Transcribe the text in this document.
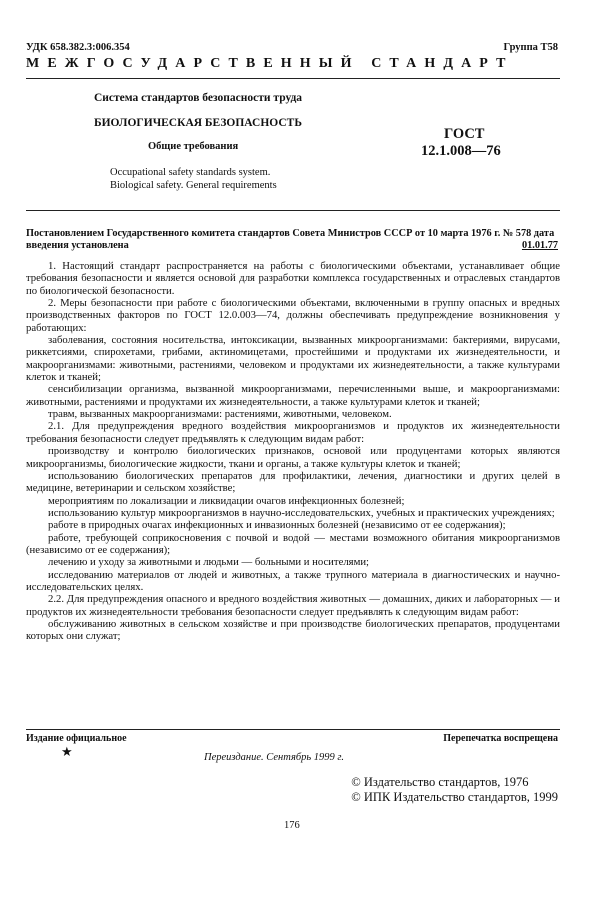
УДК 658.382.3:006.354	Группа Т58
МЕЖГОСУДАРСТВЕННЫЙ СТАНДАРТ
Система стандартов безопасности труда
БИОЛОГИЧЕСКАЯ БЕЗОПАСНОСТЬ
Общие требования
Occupational safety standards system.
Biological safety. General requirements
ГОСТ
12.1.008—76
Постановлением Государственного комитета стандартов Совета Министров СССР от 10 марта 1976 г. № 578 дата введения установлена	01.01.77

1. Настоящий стандарт распространяется на работы с биологическими объектами, устанавливает общие требования безопасности и является основой для разработки комплекса государственных и отраслевых стандартов по биологической безопасности.

2. Меры безопасности при работе с биологическими объектами, включенными в группу опасных и вредных производственных факторов по ГОСТ 12.0.003—74, должны обеспечивать предупреждение возникновения у работающих:

заболевания, состояния носительства, интоксикации, вызванных микроорганизмами: бактериями, вирусами, риккетсиями, спирохетами, грибами, актиномицетами, простейшими и продуктами их жизнедеятельности, и макроорганизмами: животными, растениями, человеком и продуктами их жизнедеятельности, а также культурами клеток и тканей;

сенсибилизации организма, вызванной микроорганизмами, перечисленными выше, и макроорганизмами: животными, растениями и продуктами их жизнедеятельности, а также культурами клеток и тканей;

травм, вызванных макроорганизмами: растениями, животными, человеком.

2.1. Для предупреждения вредного воздействия микроорганизмов и продуктов их жизнедеятельности требования безопасности следует предъявлять к следующим видам работ:

производству и контролю биологических признаков, основой или продуцентами которых являются микроорганизмы, биологические жидкости, ткани и органы, а также культуры клеток и тканей;

использованию биологических препаратов для профилактики, лечения, диагностики и других целей в медицине, ветеринарии и сельском хозяйстве;

мероприятиям по локализации и ликвидации очагов инфекционных болезней;

использованию культур микроорганизмов в научно-исследовательских, учебных и практических учреждениях;

работе в природных очагах инфекционных и инвазионных болезней (независимо от ее содержания);

работе, требующей соприкосновения с почвой и водой — местами возможного обитания микроорганизмов (независимо от ее содержания);

лечению и уходу за животными и людьми — больными и носителями;

исследованию материалов от людей и животных, а также трупного материала в диагностических и научно-исследовательских целях.

2.2. Для предупреждения опасного и вредного воздействия животных — домашних, диких и лабораторных — и продуктов их жизнедеятельности требования безопасности следует предъявлять к следующим видам работ:

обслуживанию животных в сельском хозяйстве и при производстве биологических препаратов, продуцентами которых они служат;

Издание официальное	Перепечатка воспрещена
★	Переиздание. Сентябрь 1999 г.
© Издательство стандартов, 1976
© ИПК Издательство стандартов, 1999
176
